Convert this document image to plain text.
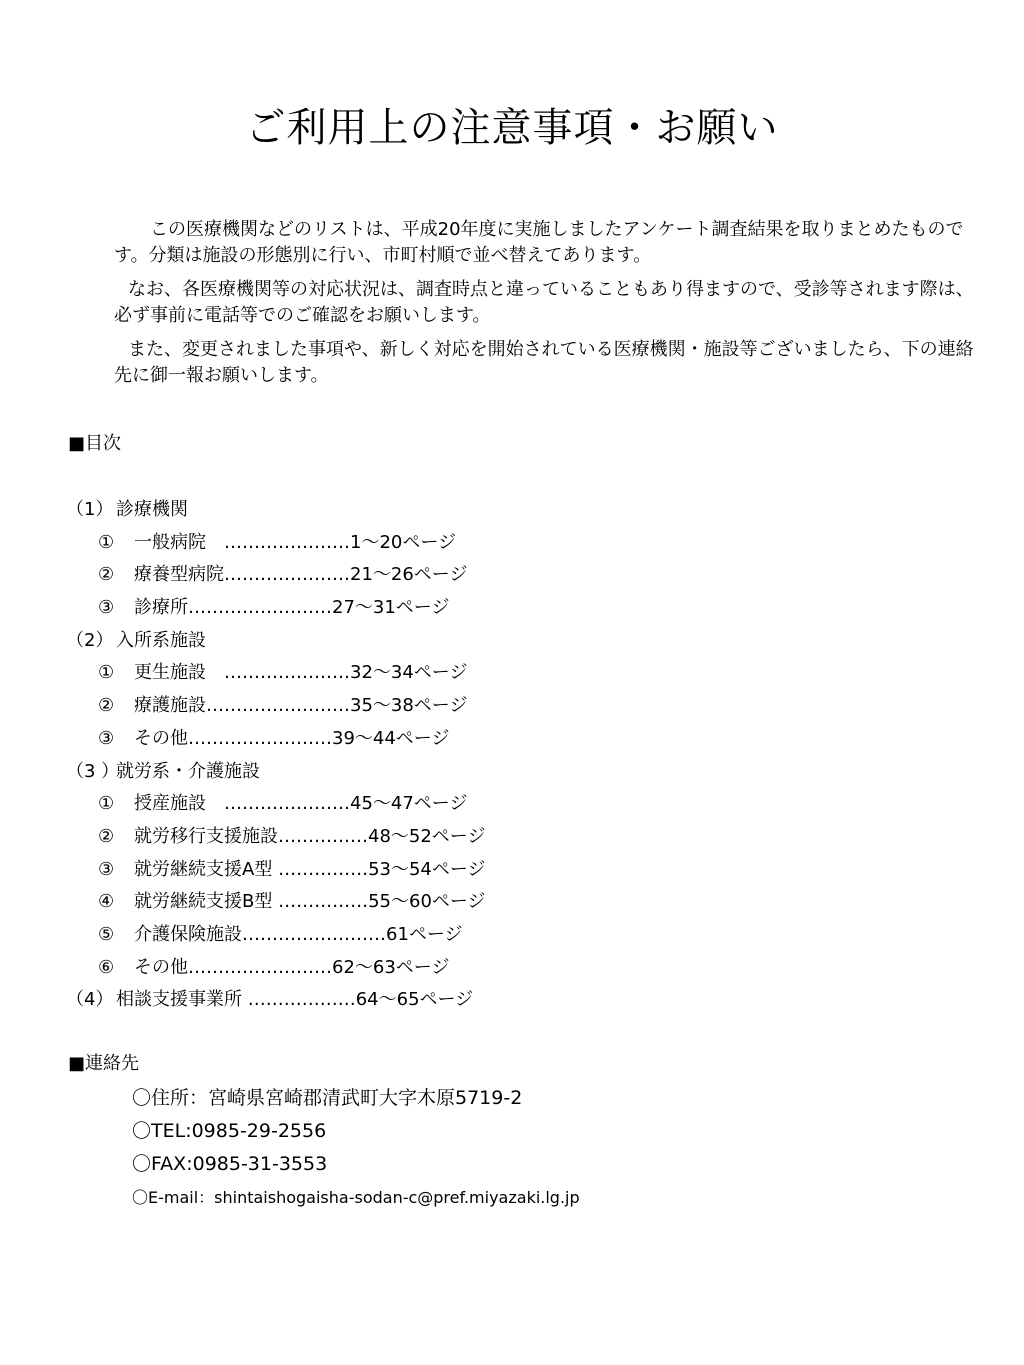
ご利用上の注意事項・お願い

この医療機関などのリストは、平成20年度に実施しましたアンケート調査結果を取りまとめたものです。分類は施設の形態別に行い、市町村順で並べ替えてあります。

なお、各医療機関等の対応状況は、調査時点と違っていることもあり得ますので、受診等されます際は、必ず事前に電話等でのご確認をお願いします。

また、変更されました事項や、新しく対応を開始されている医療機関・施設等ございましたら、下の連絡先に御一報お願いします。

■目次
（1） 診療機関
① 一般病院　…………………1～20ページ
② 療養型病院…………………21～26ページ
③ 診療所……………………27～31ページ
（2） 入所系施設
① 更生施設　…………………32～34ページ
② 療護施設……………………35～38ページ
③ その他……………………39～44ページ
（3 ）
就労系・介護施設
① 授産施設　…………………45～47ページ
② 就労移行支援施設……………48～52ページ
③ 就労継続支援A型 ……………53～54ページ
④ 就労継続支援B型 ……………55～60ページ
⑤ 介護保険施設……………………61ページ
⑥ その他……………………62～63ページ
（4） 相談支援事業所 ………………64～65ページ
■連絡先
〇住所：宮崎県宮崎郡清武町大字木原5719-2
〇TEL:0985-29-2556
〇FAX:0985-31-3553
〇E-mail：shintaishogaisha-sodan-c@pref.miyazaki.lg.jp
